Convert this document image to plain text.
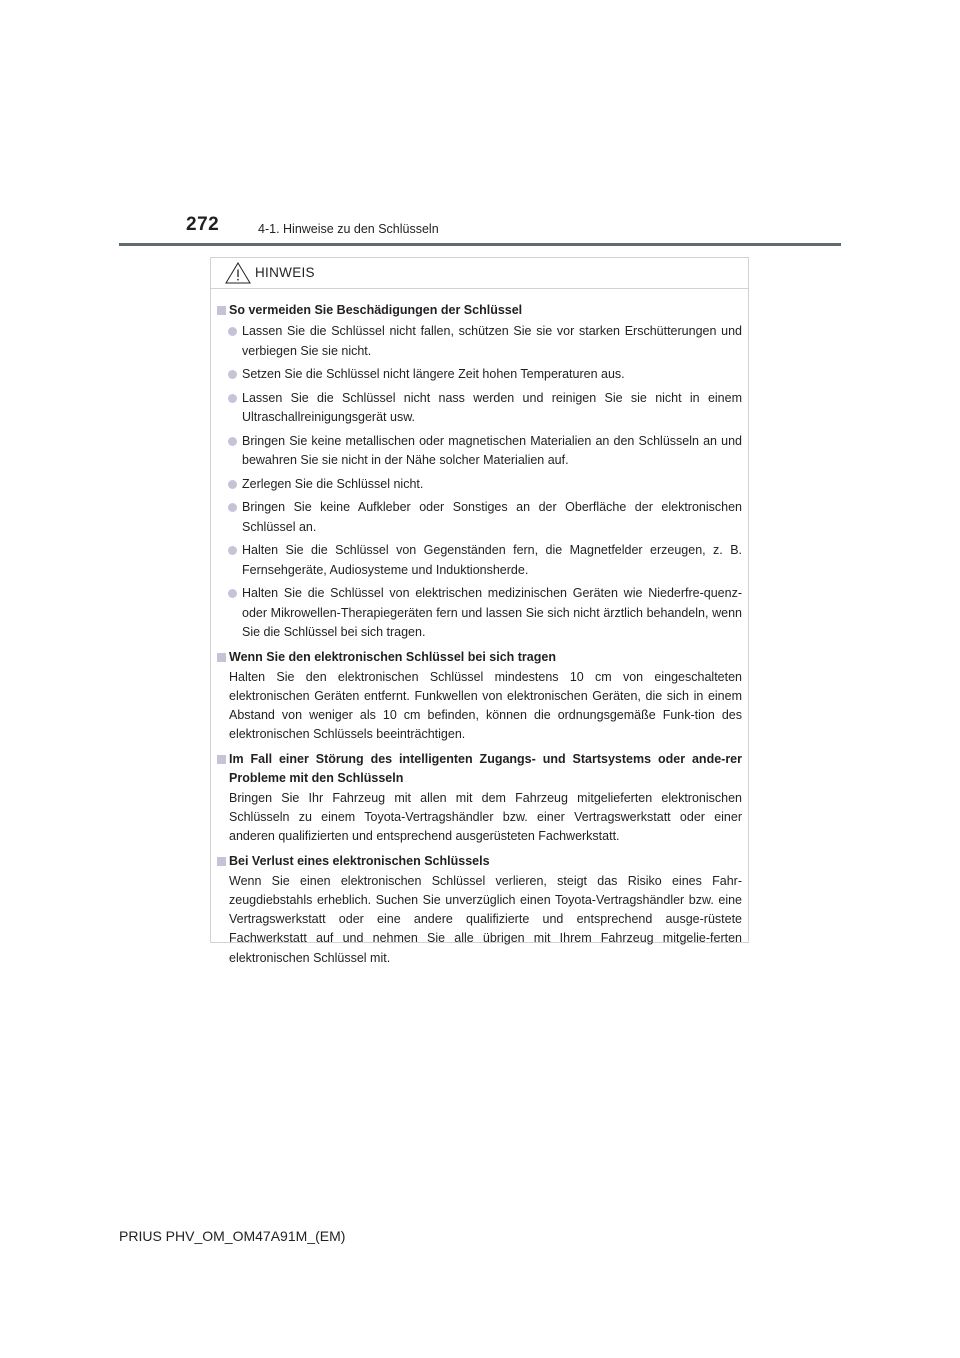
272	4-1. Hinweise zu den Schlüsseln
HINWEIS
So vermeiden Sie Beschädigungen der Schlüssel
Lassen Sie die Schlüssel nicht fallen, schützen Sie sie vor starken Erschütterungen und verbiegen Sie sie nicht.
Setzen Sie die Schlüssel nicht längere Zeit hohen Temperaturen aus.
Lassen Sie die Schlüssel nicht nass werden und reinigen Sie sie nicht in einem Ultraschallreinigungsgerät usw.
Bringen Sie keine metallischen oder magnetischen Materialien an den Schlüsseln an und bewahren Sie sie nicht in der Nähe solcher Materialien auf.
Zerlegen Sie die Schlüssel nicht.
Bringen Sie keine Aufkleber oder Sonstiges an der Oberfläche der elektronischen Schlüssel an.
Halten Sie die Schlüssel von Gegenständen fern, die Magnetfelder erzeugen, z. B. Fernsehgeräte, Audiosysteme und Induktionsherde.
Halten Sie die Schlüssel von elektrischen medizinischen Geräten wie Niederfre-quenz- oder Mikrowellen-Therapiegeräten fern und lassen Sie sich nicht ärztlich behandeln, wenn Sie die Schlüssel bei sich tragen.
Wenn Sie den elektronischen Schlüssel bei sich tragen
Halten Sie den elektronischen Schlüssel mindestens 10 cm von eingeschalteten elektronischen Geräten entfernt. Funkwellen von elektronischen Geräten, die sich in einem Abstand von weniger als 10 cm befinden, können die ordnungsgemäße Funk-tion des elektronischen Schlüssels beeinträchtigen.
Im Fall einer Störung des intelligenten Zugangs- und Startsystems oder ande-rer Probleme mit den Schlüsseln
Bringen Sie Ihr Fahrzeug mit allen mit dem Fahrzeug mitgelieferten elektronischen Schlüsseln zu einem Toyota-Vertragshändler bzw. einer Vertragswerkstatt oder einer anderen qualifizierten und entsprechend ausgerüsteten Fachwerkstatt.
Bei Verlust eines elektronischen Schlüssels
Wenn Sie einen elektronischen Schlüssel verlieren, steigt das Risiko eines Fahr-zeugdiebstahls erheblich. Suchen Sie unverzüglich einen Toyota-Vertragshändler bzw. eine Vertragswerkstatt oder eine andere qualifizierte und entsprechend ausge-rüstete Fachwerkstatt auf und nehmen Sie alle übrigen mit Ihrem Fahrzeug mitgelie-ferten elektronischen Schlüssel mit.
PRIUS PHV_OM_OM47A91M_(EM)
